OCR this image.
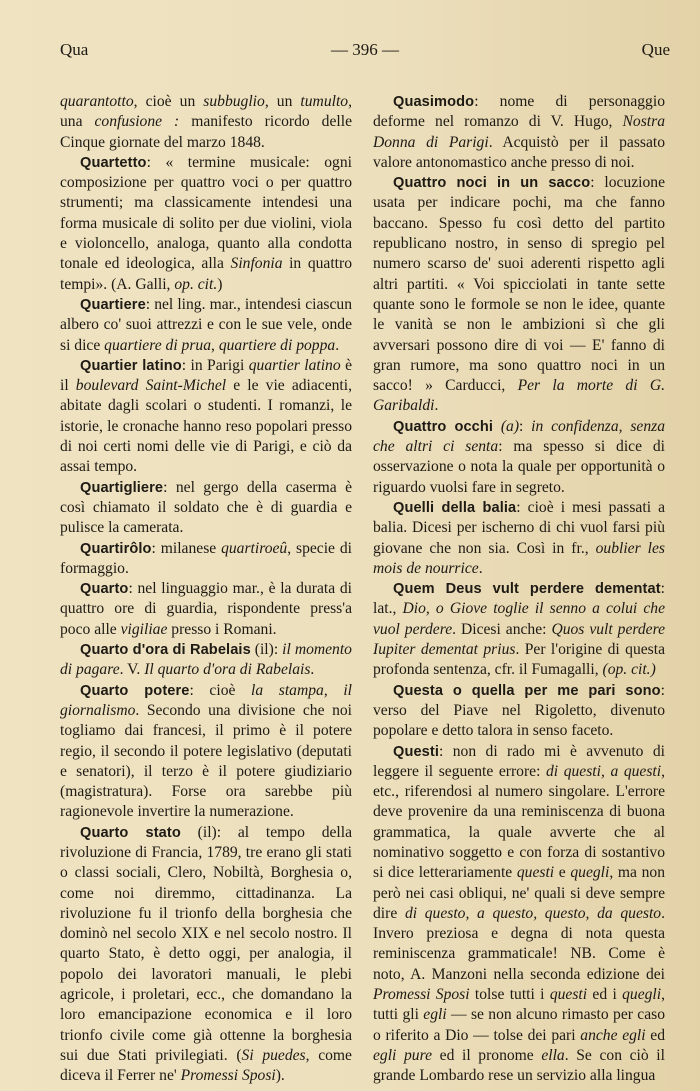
Qua	— 396 —	Que

quarantotto, cioè un subbuglio, un tumulto, una confusione : manifesto ricordo delle Cinque giornate del marzo 1848.

Quartetto: « termine musicale: ogni composizione per quattro voci o per quattro strumenti; ma classicamente intendesi una forma musicale di solito per due violini, viola e violoncello, analoga, quanto alla condotta tonale ed ideologica, alla Sinfonia in quattro tempi». (A. Galli, op. cit.)

Quartiere: nel ling. mar., intendesi ciascun albero co' suoi attrezzi e con le sue vele, onde si dice quartiere di prua, quartiere di poppa.

Quartier latino: in Parigi quartier latino è il boulevard Saint-Michel e le vie adiacenti, abitate dagli scolari o studenti. I romanzi, le istorie, le cronache hanno reso popolari presso di noi certi nomi delle vie di Parigi, e ciò da assai tempo.

Quartigliere: nel gergo della caserma è così chiamato il soldato che è di guardia e pulisce la camerata.

Quartirôlo: milanese quartiroeû, specie di formaggio.

Quarto: nel linguaggio mar., è la durata di quattro ore di guardia, rispondente press'a poco alle vigiliae presso i Romani.

Quarto d'ora di Rabelais (il): il momento di pagare. V. Il quarto d'ora di Rabelais.

Quarto potere: cioè la stampa, il giornalismo. Secondo una divisione che noi togliamo dai francesi, il primo è il potere regio, il secondo il potere legislativo (deputati e senatori), il terzo è il potere giudiziario (magistratura). Forse ora sarebbe più ragionevole invertire la numerazione.

Quarto stato (il): al tempo della rivoluzione di Francia, 1789, tre erano gli stati o classi sociali, Clero, Nobiltà, Borghesia o, come noi diremmo, cittadinanza. La rivoluzione fu il trionfo della borghesia che dominò nel secolo XIX e nel secolo nostro. Il quarto Stato, è detto oggi, per analogia, il popolo dei lavoratori manuali, le plebi agricole, i proletari, ecc., che domandano la loro emancipazione economica e il loro trionfo civile come già ottenne la borghesia sui due Stati privilegiati. (Si puedes, come diceva il Ferrer ne' Promessi Sposi).

Quasimodo: nome di personaggio deforme nel romanzo di V. Hugo, Nostra Donna di Parigi. Acquistò per il passato valore antonomastico anche presso di noi.

Quattro noci in un sacco: locuzione usata per indicare pochi, ma che fanno baccano. Spesso fu così detto del partito republicano nostro, in senso di spregio pel numero scarso de' suoi aderenti rispetto agli altri partiti. « Voi spicciolati in tante sette quante sono le formole se non le idee, quante le vanità se non le ambizioni sì che gli avversari possono dire di voi — E' fanno di gran rumore, ma sono quattro noci in un sacco! » Carducci, Per la morte di G. Garibaldi.

Quattro occhi (a): in confidenza, senza che altri ci senta: ma spesso si dice di osservazione o nota la quale per opportunità o riguardo vuolsi fare in segreto.

Quelli della balia: cioè i mesi passati a balia. Dicesi per ischerno di chi vuol farsi più giovane che non sia. Così in fr., oublier les mois de nourrice.

Quem Deus vult perdere dementat: lat., Dio, o Giove toglie il senno a colui che vuol perdere. Dicesi anche: Quos vult perdere Iupiter dementat prius. Per l'origine di questa profonda sentenza, cfr. il Fumagalli, (op. cit.)

Questa o quella per me pari sono: verso del Piave nel Rigoletto, divenuto popolare e detto talora in senso faceto.

Questi: non di rado mi è avvenuto di leggere il seguente errore: di questi, a questi, etc., riferendosi al numero singolare. L'errore deve provenire da una reminiscenza di buona grammatica, la quale avverte che al nominativo soggetto e con forza di sostantivo si dice letterariamente questi e quegli, ma non però nei casi obliqui, ne' quali si deve sempre dire di questo, a questo, questo, da questo. Invero preziosa e degna di nota questa reminiscenza grammaticale! NB. Come è noto, A. Manzoni nella seconda edizione dei Promessi Sposi tolse tutti i questi ed i quegli, tutti gli egli — se non alcuno rimasto per caso o riferito a Dio — tolse dei pari anche egli ed egli pure ed il pronome ella. Se con ciò il grande Lombardo rese un servizio alla lingua
